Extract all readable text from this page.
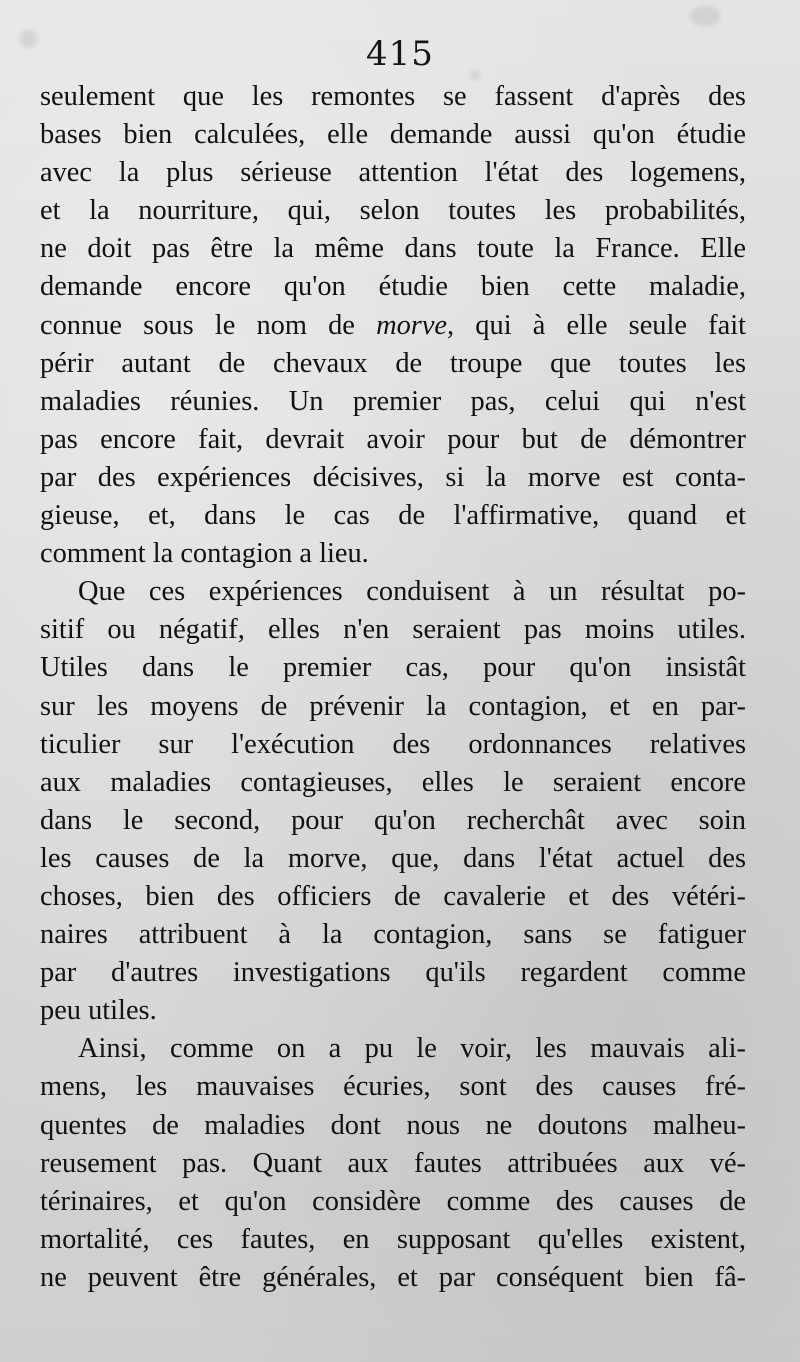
415
seulement que les remontes se fassent d'après des
bases bien calculées, elle demande aussi qu'on étudie
avec la plus sérieuse attention l'état des logemens,
et la nourriture, qui, selon toutes les probabilités,
ne doit pas être la même dans toute la France. Elle
demande encore qu'on étudie bien cette maladie,
connue sous le nom de morve, qui à elle seule fait
périr autant de chevaux de troupe que toutes les
maladies réunies. Un premier pas, celui qui n'est
pas encore fait, devrait avoir pour but de démontrer
par des expériences décisives, si la morve est conta-
gieuse, et, dans le cas de l'affirmative, quand et
comment la contagion a lieu.
Que ces expériences conduisent à un résultat po-
sitif ou négatif, elles n'en seraient pas moins utiles.
Utiles dans le premier cas, pour qu'on insistât
sur les moyens de prévenir la contagion, et en par-
ticulier sur l'exécution des ordonnances relatives
aux maladies contagieuses, elles le seraient encore
dans le second, pour qu'on recherchât avec soin
les causes de la morve, que, dans l'état actuel des
choses, bien des officiers de cavalerie et des vétéri-
naires attribuent à la contagion, sans se fatiguer
par d'autres investigations qu'ils regardent comme
peu utiles.
Ainsi, comme on a pu le voir, les mauvais ali-
mens, les mauvaises écuries, sont des causes fré-
quentes de maladies dont nous ne doutons malheu-
reusement pas. Quant aux fautes attribuées aux vé-
térinaires, et qu'on considère comme des causes de
mortalité, ces fautes, en supposant qu'elles existent,
ne peuvent être générales, et par conséquent bien fâ-
